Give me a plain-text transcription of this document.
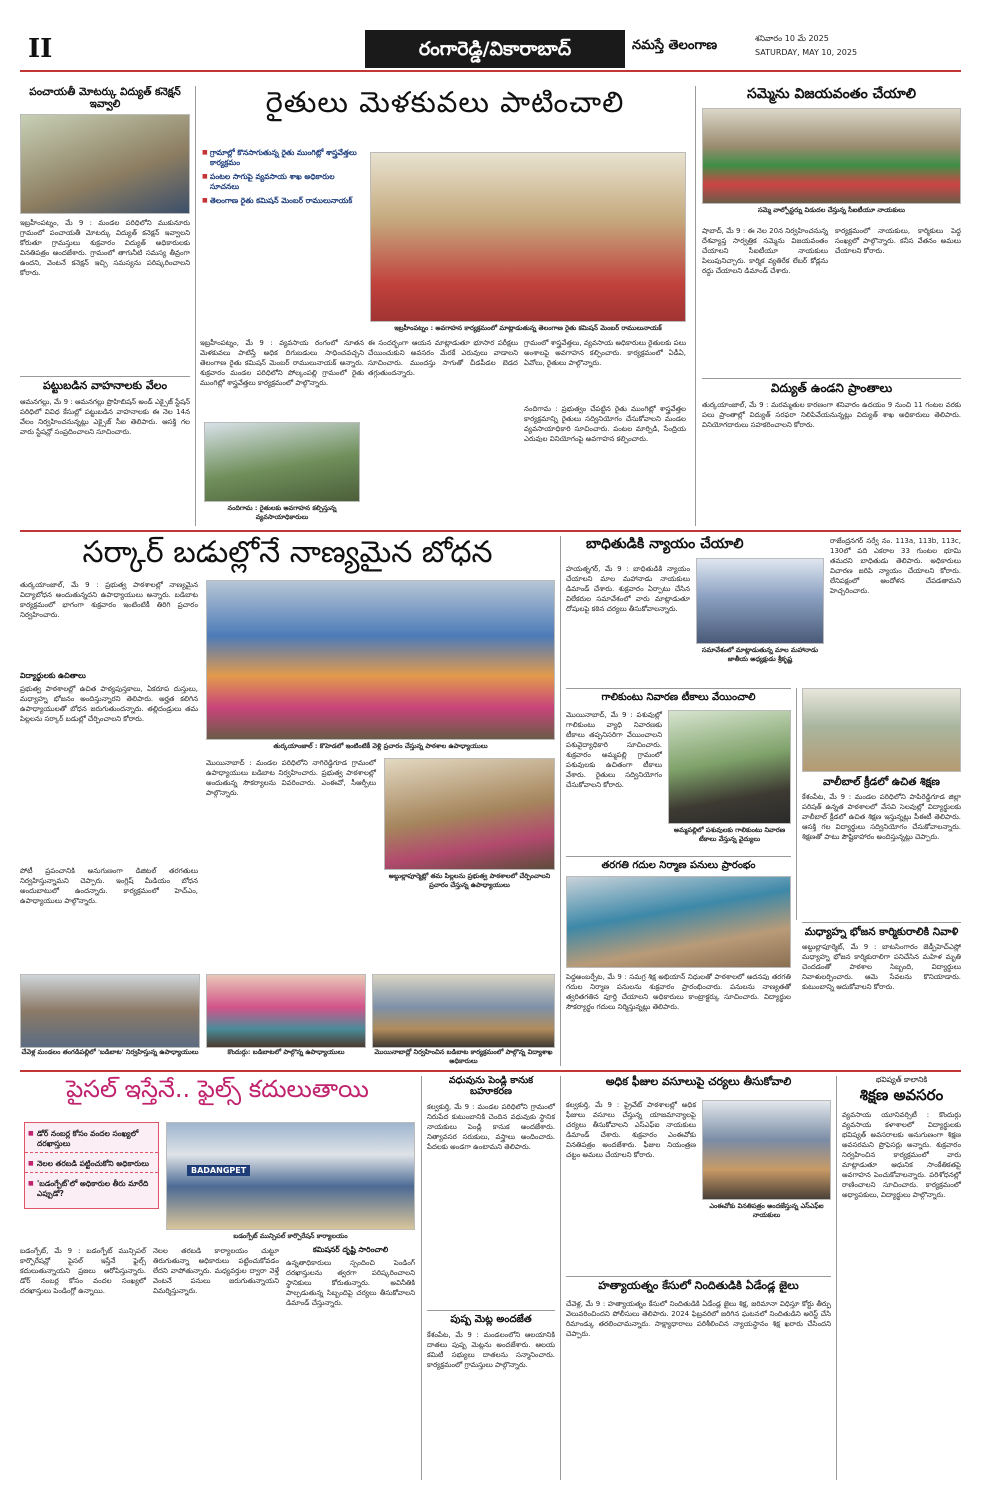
II	రంగారెడ్డి/వికారాబాద్	నమస్తే తెలంగాణ	శనివారం 10 మే 2025
SATURDAY, MAY 10, 2025
పంచాయతీ మోటర్కు విద్యుత్ కనెక్షన్ ఇవ్వాలి
ఇబ్రహీంపట్నం, మే 9 : మండల పరిధిలోని ముకునూరు గ్రామంలో పంచాయతీ మోటర్కు విద్యుత్ కనెక్షన్ ఇవ్వాలని కోరుతూ గ్రామస్తులు శుక్రవారం విద్యుత్ అధికారులకు వినతిపత్రం అందజేశారు. గ్రామంలో తాగునీటి సమస్య తీవ్రంగా ఉందని, వెంటనే కనెక్షన్ ఇచ్చి సమస్యను పరిష్కరించాలని కోరారు.
పట్టుబడిన వాహనాలకు వేలం
ఆమనగల్లు, మే 9 : ఆమనగల్లు ప్రొహిబిషన్ అండ్ ఎక్సైజ్ స్టేషన్ పరిధిలో వివిధ కేసుల్లో పట్టుబడిన వాహనాలకు ఈ నెల 14న వేలం నిర్వహించనున్నట్లు ఎక్సైజ్ సీఐ తెలిపారు. ఆసక్తి గల వారు స్టేషన్లో సంప్రదించాలని సూచించారు.
రైతులు మెళకువలు పాటించాలి
■ గ్రామాల్లో కొనసాగుతున్న రైతు ముంగిట్లో శాస్త్రవేత్తలు కార్యక్రమం
■ పంటల సాగుపై వ్యవసాయ శాఖ అధికారుల సూచనలు
■ తెలంగాణ రైతు కమిషన్ మెంబర్ రాములునాయక్
ఇబ్రహీంపట్నం : అవగాహన కార్యక్రమంలో మాట్లాడుతున్న తెలంగాణ రైతు కమిషన్ మెంబర్ రాములునాయక్
ఇబ్రహీంపట్నం, మే 9 : వ్యవసాయ రంగంలో నూతన మెళకువలు పాటిస్తే అధిక దిగుబడులు సాధించవచ్చని తెలంగాణ రైతు కమిషన్ మెంబర్ రాములునాయక్ అన్నారు. శుక్రవారం మండల పరిధిలోని పోల్కంపల్లి గ్రామంలో రైతు ముంగిట్లో శాస్త్రవేత్తలు కార్యక్రమంలో పాల్గొన్నారు.
నందిగామ : రైతులకు అవగాహన కల్పిస్తున్న వ్యవసాయాధికారులు
ఈ సందర్భంగా ఆయన మాట్లాడుతూ భూసార పరీక్షలు చేయించుకుని అవసరం మేరకే ఎరువులు వాడాలని సూచించారు. ముందస్తు సాగుతో చీడపీడల బెడద తగ్గుతుందన్నారు.
గ్రామంలో శాస్త్రవేత్తలు, వ్యవసాయ అధికారులు రైతులకు పలు అంశాలపై అవగాహన కల్పించారు. కార్యక్రమంలో ఏడీఏ, ఏవోలు, రైతులు పాల్గొన్నారు.
నందిగామ : ప్రభుత్వం చేపట్టిన రైతు ముంగిట్లో శాస్త్రవేత్తల కార్యక్రమాన్ని రైతులు సద్వినియోగం చేసుకోవాలని మండల వ్యవసాయాధికారి సూచించారు. పంటల మార్పిడి, సేంద్రియ ఎరువుల వినియోగంపై అవగాహన కల్పించారు.
సమ్మెను విజయవంతం చేయాలి
సమ్మె వాల్పోస్టర్ను విడుదల చేస్తున్న సీఐటీయూ నాయకులు
షాబాద్, మే 9 : ఈ నెల 20న నిర్వహించనున్న దేశవ్యాప్త సార్వత్రిక సమ్మెను విజయవంతం చేయాలని సీఐటీయూ నాయకులు పిలుపునిచ్చారు. కార్మిక వ్యతిరేక లేబర్ కోడ్లను రద్దు చేయాలని డిమాండ్ చేశారు.
కార్యక్రమంలో నాయకులు, కార్మికులు పెద్ద సంఖ్యలో పాల్గొన్నారు. కనీస వేతనం అమలు చేయాలని కోరారు.
విద్యుత్ ఉండని ప్రాంతాలు
తుర్కయాంజాల్, మే 9 : మరమ్మతుల కారణంగా శనివారం ఉదయం 9 నుంచి 11 గంటల వరకు పలు ప్రాంతాల్లో విద్యుత్ సరఫరా నిలిపివేయనున్నట్లు విద్యుత్ శాఖ అధికారులు తెలిపారు. వినియోగదారులు సహకరించాలని కోరారు.
సర్కార్ బడుల్లోనే నాణ్యమైన బోధన
తుర్కయాంజాల్, మే 9 : ప్రభుత్వ పాఠశాలల్లో నాణ్యమైన విద్యాబోధన అందుతున్నదని ఉపాధ్యాయులు అన్నారు. బడిబాట కార్యక్రమంలో భాగంగా శుక్రవారం ఇంటింటికీ తిరిగి ప్రచారం నిర్వహించారు.
విద్యార్థులకు ఉచితాలు
ప్రభుత్వ పాఠశాలల్లో ఉచిత పాఠ్యపుస్తకాలు, ఏకరూప దుస్తులు, మధ్యాహ్న భోజనం అందిస్తున్నారని తెలిపారు. అర్హత కలిగిన ఉపాధ్యాయులతో బోధన జరుగుతుందన్నారు. తల్లిదండ్రులు తమ పిల్లలను సర్కార్ బడుల్లో చేర్పించాలని కోరారు.
పోటీ ప్రపంచానికి అనుగుణంగా డిజిటల్ తరగతులు నిర్వహిస్తున్నామని చెప్పారు. ఇంగ్లిష్ మీడియం బోధన అందుబాటులో ఉందన్నారు. కార్యక్రమంలో హెచ్ఎం, ఉపాధ్యాయులు పాల్గొన్నారు.
తుర్కయాంజాల్ : కొహెడలో ఇంటింటికీ వెళ్లి ప్రచారం చేస్తున్న పాఠశాల ఉపాధ్యాయులు
మొయినాబాద్ : మండల పరిధిలోని నాగిరెడ్డిగూడ గ్రామంలో ఉపాధ్యాయులు బడిబాట నిర్వహించారు. ప్రభుత్వ పాఠశాలల్లో అందుతున్న సౌకర్యాలను వివరించారు. ఎంఈవో, సీఆర్పీలు పాల్గొన్నారు.
అబ్దుల్లాపూర్మెట్లో తమ పిల్లలను ప్రభుత్వ పాఠశాలలో చేర్పించాలని ప్రచారం చేస్తున్న ఉపాధ్యాయులు
చేవెళ్ల మండలం తంగడిపల్లిలో 'బడిబాట' నిర్వహిస్తున్న ఉపాధ్యాయులు	కొందుర్గు: బడిబాటలో పాల్గొన్న ఉపాధ్యాయులు	మొయినాబాద్లో నిర్వహించిన బడిబాట కార్యక్రమంలో పాల్గొన్న విద్యాశాఖ అధికారులు
బాధితుడికి న్యాయం చేయాలి
హయత్నగర్, మే 9 : బాధితుడికి న్యాయం చేయాలని మాల మహానాడు నాయకులు డిమాండ్ చేశారు. శుక్రవారం ఏర్పాటు చేసిన విలేకరుల సమావేశంలో వారు మాట్లాడుతూ దోషులపై కఠిన చర్యలు తీసుకోవాలన్నారు.
సమావేశంలో మాట్లాడుతున్న మాల మహానాడు జాతీయ అధ్యక్షుడు శ్రీకృష్ణ
రాజేంద్రనగర్ సర్వే నం. 113a, 113b, 113c, 130లో పది ఎకరాల 33 గుంటల భూమి తమదని బాధితుడు తెలిపారు. అధికారులు విచారణ జరిపి న్యాయం చేయాలని కోరారు. లేనిపక్షంలో ఆందోళన చేపడతామని హెచ్చరించారు.
గాలికుంటు నివారణ టీకాలు వేయించాలి
మొయినాబాద్, మే 9 : పశువుల్లో గాలికుంటు వ్యాధి నివారణకు టీకాలు తప్పనిసరిగా వేయించాలని పశువైద్యాధికారి సూచించారు. శుక్రవారం అమ్మపల్లి గ్రామంలో పశువులకు ఉచితంగా టీకాలు వేశారు. రైతులు సద్వినియోగం చేసుకోవాలని కోరారు.
అమ్మపల్లిలో పశువులకు గాలికుంటు నివారణ టీకాలు వేస్తున్న వైద్యులు
వాలీబాల్ క్రీడలో ఉచిత శిక్షణ
కేశంపేట, మే 9 : మండల పరిధిలోని పాపిరెడ్డిగూడ జిల్లా పరిషత్ ఉన్నత పాఠశాలలో వేసవి సెలవుల్లో విద్యార్థులకు వాలీబాల్ క్రీడలో ఉచిత శిక్షణ ఇస్తున్నట్లు పీఈటీ తెలిపారు. ఆసక్తి గల విద్యార్థులు సద్వినియోగం చేసుకోవాలన్నారు. శిక్షణతో పాటు పౌష్టికాహారం అందిస్తున్నట్లు చెప్పారు.
తరగతి గదుల నిర్మాణ పనులు ప్రారంభం
పెద్దఅంబర్పేట, మే 9 : సమగ్ర శిక్ష అభియాన్ నిధులతో పాఠశాలలో అదనపు తరగతి గదుల నిర్మాణ పనులను శుక్రవారం ప్రారంభించారు. పనులను నాణ్యతతో త్వరితగతిన పూర్తి చేయాలని అధికారులు కాంట్రాక్టర్కు సూచించారు. విద్యార్థుల సౌకర్యార్థం గదులు నిర్మిస్తున్నట్లు తెలిపారు.
మధ్యాహ్న భోజన కార్మికురాలికి నివాళి
అబ్దుల్లాపూర్మెట్, మే 9 : బాటసింగారం జెడ్పీహెచ్ఎస్లో మధ్యాహ్న భోజన కార్మికురాలిగా పనిచేసిన మహిళ మృతి చెందడంతో పాఠశాల సిబ్బంది, విద్యార్థులు నివాళులర్పించారు. ఆమె సేవలను కొనియాడారు. కుటుంబాన్ని ఆదుకోవాలని కోరారు.
పైసల్ ఇస్తేనే.. ఫైల్స్ కదులుతాయి
■ డోర్ నంబర్ల కోసం వందల సంఖ్యలో దరఖాస్తులు
■ నెలల తరబడి పట్టించుకోని అధికారులు
■ 'బడంగ్పేట్'లో అధికారుల తీరు మారేది ఎప్పుడో?
BADANGPET
బడంగ్పేట్ మున్సిపల్ కార్పొరేషన్ కార్యాలయం
బడంగ్పేట్, మే 9 : బడంగ్పేట్ మున్సిపల్ కార్పొరేషన్లో పైసల్ ఇస్తేనే ఫైల్స్ కదులుతున్నాయని ప్రజలు ఆరోపిస్తున్నారు. డోర్ నంబర్ల కోసం వందల సంఖ్యలో దరఖాస్తులు పెండింగ్లో ఉన్నాయి.
నెలల తరబడి కార్యాలయం చుట్టూ తిరుగుతున్నా అధికారులు పట్టించుకోవడం లేదని వాపోతున్నారు. మధ్యవర్తుల ద్వారా వెళ్తే వెంటనే పనులు జరుగుతున్నాయని విమర్శిస్తున్నారు.
కమిషనర్ దృష్టి సారించాలి
ఉన్నతాధికారులు స్పందించి పెండింగ్ దరఖాస్తులను త్వరగా పరిష్కరించాలని స్థానికులు కోరుతున్నారు. అవినీతికి పాల్పడుతున్న సిబ్బందిపై చర్యలు తీసుకోవాలని డిమాండ్ చేస్తున్నారు.
వధువును పెండ్లి కానుక బహూకరణ
కల్వకుర్తి, మే 9 : మండల పరిధిలోని గ్రామంలో నిరుపేద కుటుంబానికి చెందిన వధువుకు స్థానిక నాయకులు పెండ్లి కానుక అందజేశారు. నిత్యావసర సరుకులు, వస్త్రాలు అందించారు. పేదలకు అండగా ఉంటామని తెలిపారు.
పుష్ప మెట్ల అందజేత
కేశంపేట, మే 9 : మండలంలోని ఆలయానికి దాతలు పుష్ప మెట్లను అందజేశారు. ఆలయ కమిటీ సభ్యులు దాతలను సన్మానించారు. కార్యక్రమంలో గ్రామస్తులు పాల్గొన్నారు.
అధిక ఫీజుల వసూలుపై చర్యలు తీసుకోవాలి
కల్వకుర్తి, మే 9 : ప్రైవేట్ పాఠశాలల్లో అధిక ఫీజులు వసూలు చేస్తున్న యాజమాన్యాలపై చర్యలు తీసుకోవాలని ఎస్ఎఫ్ఐ నాయకులు డిమాండ్ చేశారు. శుక్రవారం ఎంఈవోకు వినతిపత్రం అందజేశారు. ఫీజుల నియంత్రణ చట్టం అమలు చేయాలని కోరారు.
ఎంఈవోకు వినతిపత్రం అందజేస్తున్న ఎస్ఎఫ్ఐ నాయకులు
హత్యాయత్నం కేసులో నిందితుడికి ఏడేండ్ల జైలు
చేవెళ్ల, మే 9 : హత్యాయత్నం కేసులో నిందితుడికి ఏడేండ్ల జైలు శిక్ష, జరిమానా విధిస్తూ కోర్టు తీర్పు వెలువరించిందని పోలీసులు తెలిపారు. 2024 ఫిబ్రవరిలో జరిగిన ఘటనలో నిందితుడిని అరెస్ట్ చేసి రిమాండ్కు తరలించామన్నారు. సాక్ష్యాధారాలు పరిశీలించిన న్యాయస్థానం శిక్ష ఖరారు చేసిందని చెప్పారు.
భవిష్యత్ కాలానికి
శిక్షణ అవసరం
వ్యవసాయ యూనివర్సిటీ : కొందుర్గు వ్యవసాయ కళాశాలలో విద్యార్థులకు భవిష్యత్ అవసరాలకు అనుగుణంగా శిక్షణ అవసరమని ప్రొఫెసర్లు అన్నారు. శుక్రవారం నిర్వహించిన కార్యక్రమంలో వారు మాట్లాడుతూ ఆధునిక సాంకేతికతపై అవగాహన పెంచుకోవాలన్నారు. పరిశోధనల్లో రాణించాలని సూచించారు. కార్యక్రమంలో అధ్యాపకులు, విద్యార్థులు పాల్గొన్నారు.
